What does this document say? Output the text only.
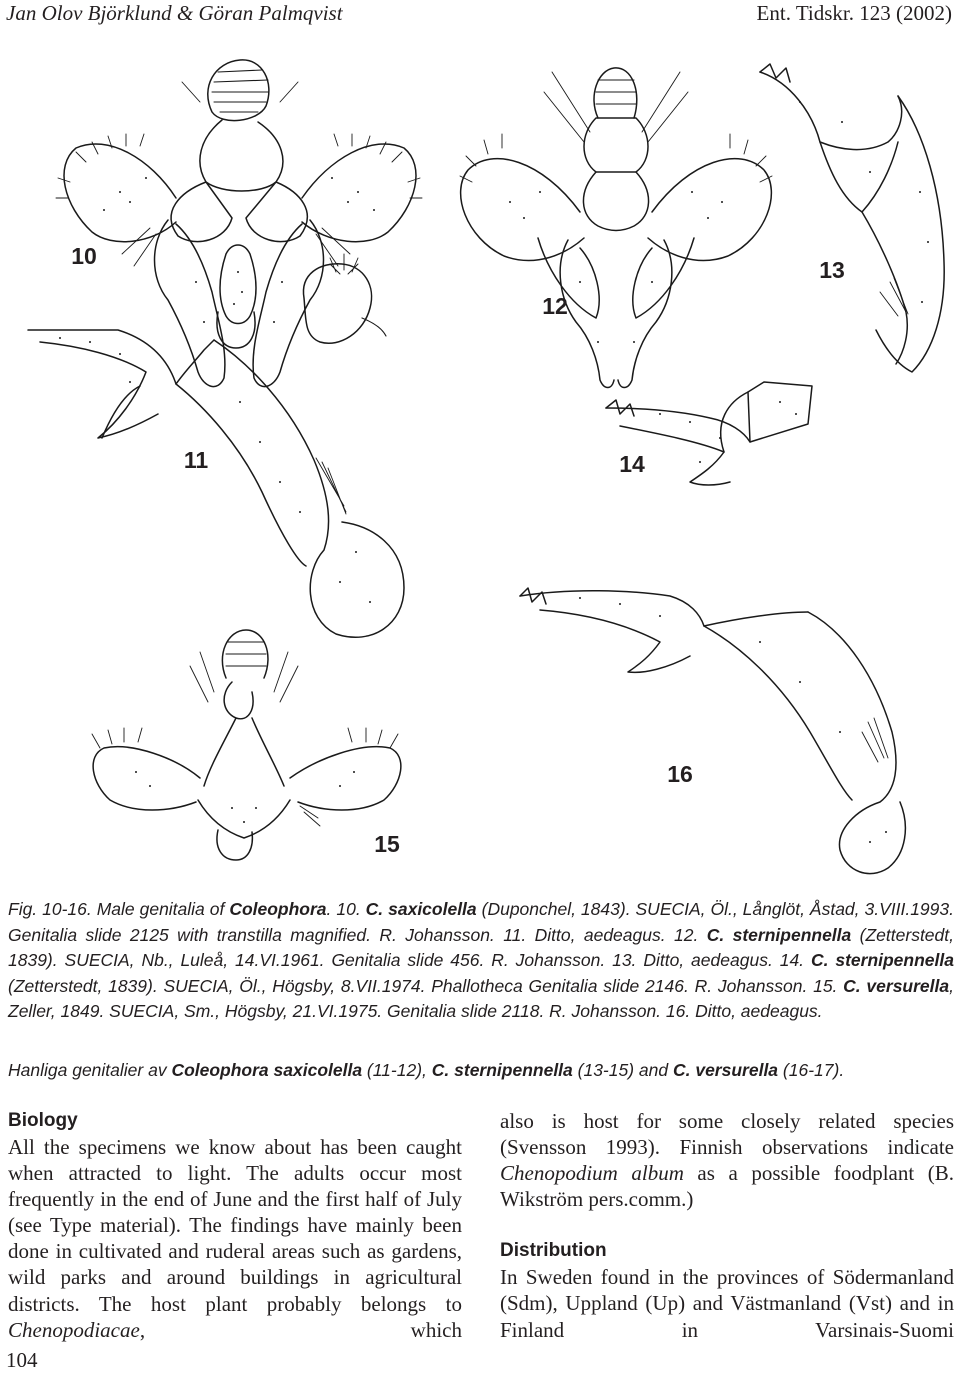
Jan Olov Björklund & Göran Palmqvist	Ent. Tidskr. 123 (2002)
10
11
12
13
14
15
16
Fig. 10-16. Male genitalia of Coleophora. 10. C. saxicolella (Duponchel, 1843). SUECIA, Öl., Långlöt, Åstad, 3.VIII.1993. Genitalia slide 2125 with transtilla magnified. R. Johansson. 11. Ditto, aedeagus. 12. C. sternipennella (Zetterstedt, 1839). SUECIA, Nb., Luleå, 14.VI.1961. Genitalia slide 456. R. Johansson. 13. Ditto, aedeagus. 14. C. sternipennella (Zetterstedt, 1839). SUECIA, Öl., Högsby, 8.VII.1974. Phallotheca Genitalia slide 2146. R. Johansson. 15. C. versurella, Zeller, 1849. SUECIA, Sm., Högsby, 21.VI.1975. Genitalia slide 2118. R. Johansson. 16. Ditto, aedeagus.
Hanliga genitalier av Coleophora saxicolella (11-12), C. sternipennella (13-15) and C. versurella (16-17).
Biology

All the specimens we know about has been caught when attracted to light. The adults occur most frequently in the end of June and the first half of July (see Type material). The findings have mainly been done in cultivated and ruderal areas such as gardens, wild parks and around buildings in agricultural districts. The host plant probably belongs to Chenopodiacae, which

also is host for some closely related species (Svensson 1993). Finnish observations indicate Chenopodium album as a possible foodplant (B. Wikström pers.comm.)

Distribution

In Sweden found in the provinces of Södermanland (Sdm), Uppland (Up) and Västmanland (Vst) and in Finland in Varsinais-Suomi

104
